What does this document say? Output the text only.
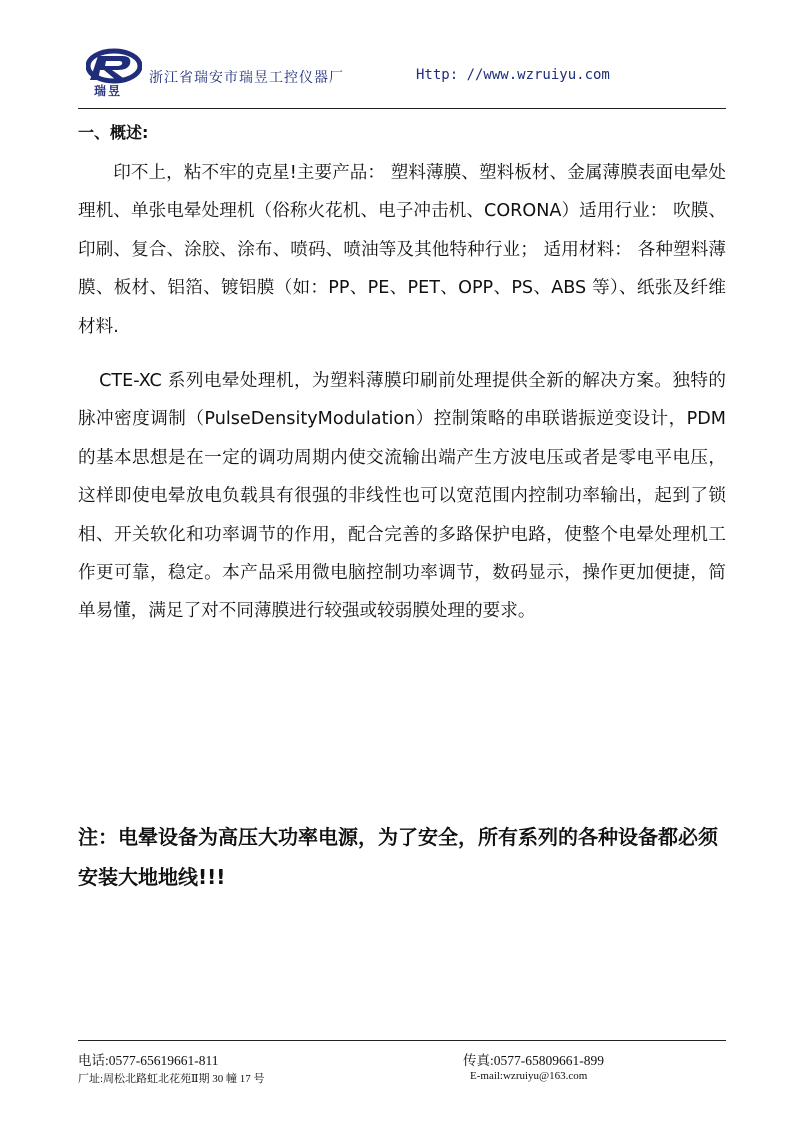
瑞昱
浙江省瑞安市瑞昱工控仪器厂	Http: //www.wzruiyu.com
一、概述:

印不上，粘不牢的克星!主要产品： 塑料薄膜、塑料板材、金属薄膜表面电晕处理机、单张电晕处理机（俗称火花机、电子冲击机、CORONA）适用行业： 吹膜、印刷、复合、涂胶、涂布、喷码、喷油等及其他特种行业； 适用材料： 各种塑料薄膜、板材、铝箔、镀铝膜（如：PP、PE、PET、OPP、PS、ABS 等）、纸张及纤维材料.

CTE-XC 系列电晕处理机，为塑料薄膜印刷前处理提供全新的解决方案。独特的脉冲密度调制（PulseDensityModulation）控制策略的串联谐振逆变设计，PDM 的基本思想是在一定的调功周期内使交流输出端产生方波电压或者是零电平电压，这样即使电晕放电负载具有很强的非线性也可以宽范围内控制功率输出，起到了锁相、开关软化和功率调节的作用，配合完善的多路保护电路，使整个电晕处理机工作更可靠，稳定。本产品采用微电脑控制功率调节，数码显示，操作更加便捷，简单易懂，满足了对不同薄膜进行较强或较弱膜处理的要求。

注：电晕设备为高压大功率电源，为了安全，所有系列的各种设备都必须安装大地地线!!!

电话:0577-65619661-811	传真:0577-65809661-899
厂址:周松北路虹北花苑Ⅱ期 30 幢 17 号	E-mail:wzruiyu@163.com
